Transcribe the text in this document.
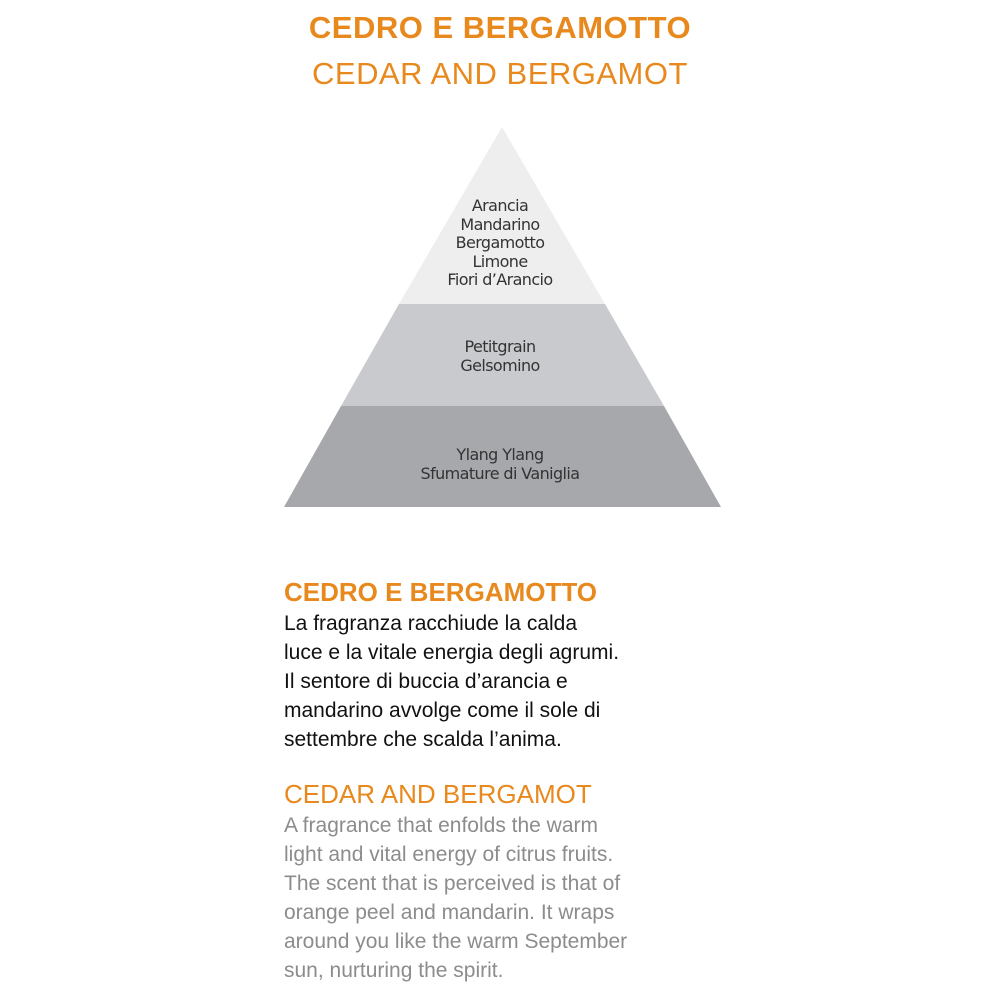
CEDRO E BERGAMOTTO
CEDAR AND BERGAMOT
Arancia
Mandarino
Bergamotto
Limone
Fiori d’Arancio
Petitgrain
Gelsomino
Ylang Ylang
Sfumature di Vaniglia
CEDRO E BERGAMOTTO

La fragranza racchiude la calda
luce e la vitale energia degli agrumi.
Il sentore di buccia d’arancia e
mandarino avvolge come il sole di
settembre che scalda l’anima.

CEDAR AND BERGAMOT

A fragrance that enfolds the warm
light and vital energy of citrus fruits.
The scent that is perceived is that of
orange peel and mandarin. It wraps
around you like the warm September
sun, nurturing the spirit.
